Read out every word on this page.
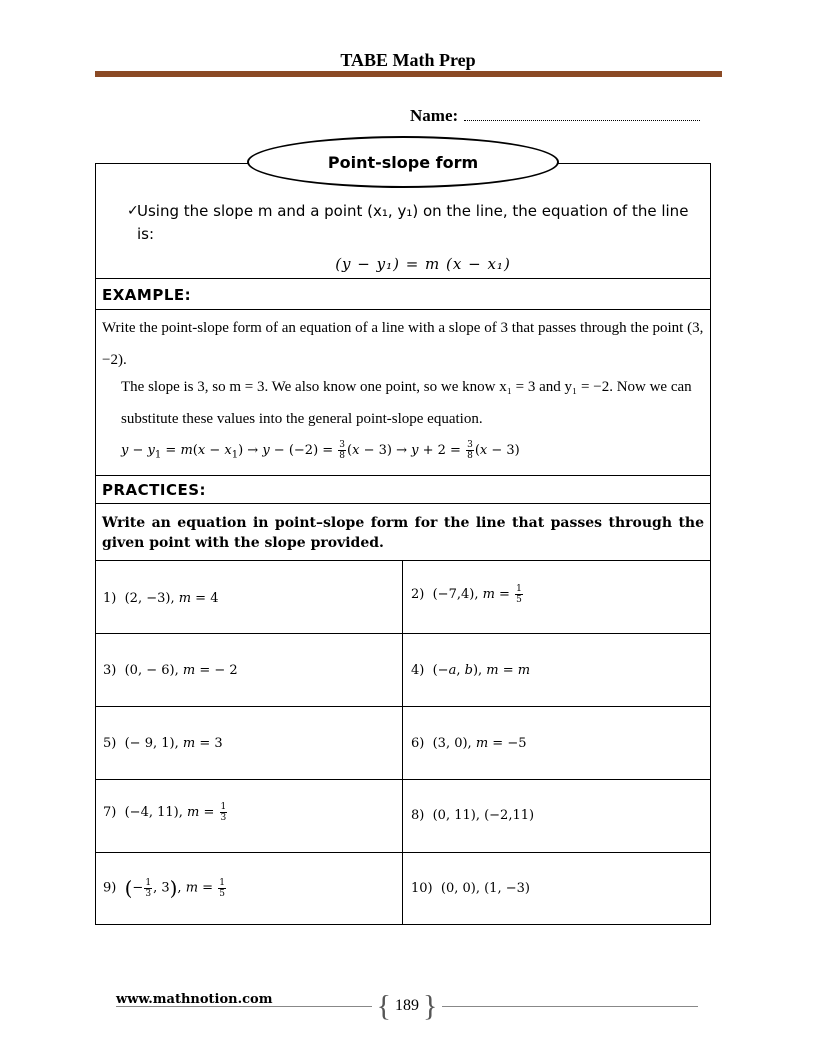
TABE Math Prep
Name:
Point-slope form
✓
Using the slope m and a point (x₁, y₁) on the line, the equation of the line is:
(y − y₁) = m (x − x₁)
EXAMPLE:
Write the point-slope form of an equation of a line with a slope of 3 that passes through the point (3, −2).
The slope is 3, so m = 3. We also know one point, so we know x₁ = 3 and y₁ = −2. Now we can substitute these values into the general point-slope equation.
$y - y_1 = m(x - x_1) \to y - (-2) = \frac{3}{8} (x - 3) \to y + 2 = \frac{3}{8} (x - 3)$
PRACTICES:
Write an equation in point–slope form for the line that passes through the given point with the slope provided.
1)  (2, −3), m = 4	2)  (−7,4), $m = \frac{1}{5}$
3)  (0, − 6), m = − 2	4)  (−a, b), m = m
5)  (− 9, 1), m = 3	6)  (3, 0), m = −5
7)  (−4, 11), $m = \frac{1}{3}$	8)  (0, 11), (−2,11)
9) (− $\frac{1}{3}$ , 3), $m = \frac{1}{5}$	10)  (0, 0), (1, −3)
www.mathnotion.com	{ 189 }
